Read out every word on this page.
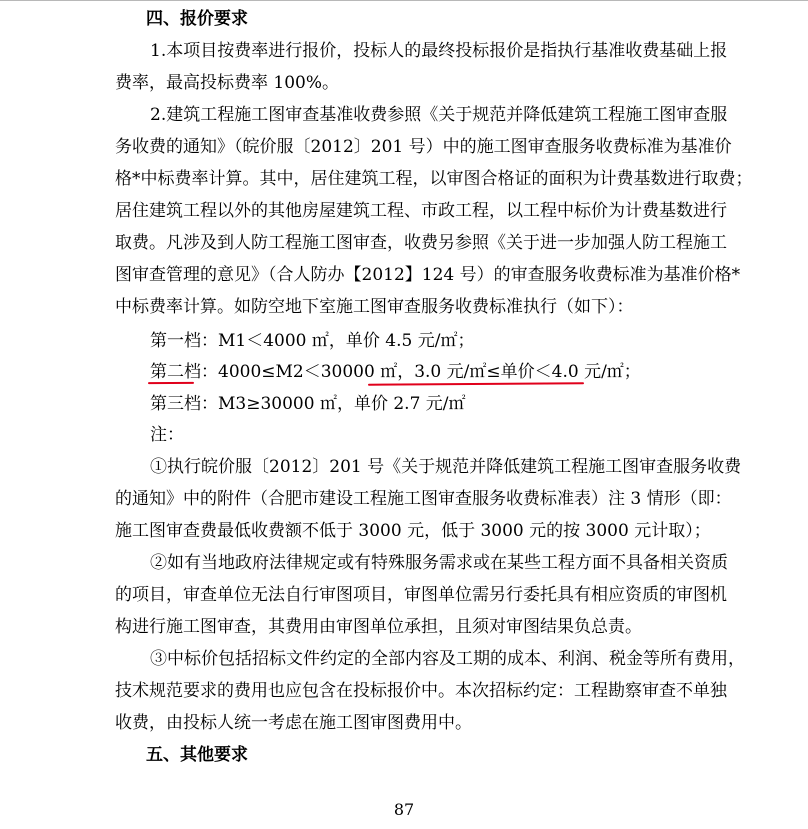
四、报价要求
1.本项目按费率进行报价，投标人的最终投标报价是指执行基准收费基础上报
费率，最高投标费率 100%。
2.建筑工程施工图审查基准收费参照《关于规范并降低建筑工程施工图审查服
务收费的通知》（皖价服〔2012〕201 号）中的施工图审查服务收费标准为基准价
格*中标费率计算。其中，居住建筑工程，以审图合格证的面积为计费基数进行取费；
居住建筑工程以外的其他房屋建筑工程、市政工程，以工程中标价为计费基数进行
取费。凡涉及到人防工程施工图审查，收费另参照《关于进一步加强人防工程施工
图审查管理的意见》（合人防办【2012】124 号）的审查服务收费标准为基准价格*
中标费率计算。如防空地下室施工图审查服务收费标准执行（如下）：
第一档：M1＜4000 ㎡，单价 4.5 元/㎡；
第二档：4000≤M2＜30000 ㎡，3.0 元/㎡≤单价＜4.0 元/㎡；
第三档：M3≥30000 ㎡，单价 2.7 元/㎡
注：
①执行皖价服〔2012〕201 号《关于规范并降低建筑工程施工图审查服务收费
的通知》中的附件（合肥市建设工程施工图审查服务收费标准表）注 3 情形（即：
施工图审查费最低收费额不低于 3000 元，低于 3000 元的按 3000 元计取）；
②如有当地政府法律规定或有特殊服务需求或在某些工程方面不具备相关资质
的项目，审查单位无法自行审图项目，审图单位需另行委托具有相应资质的审图机
构进行施工图审查，其费用由审图单位承担，且须对审图结果负总责。
③中标价包括招标文件约定的全部内容及工期的成本、利润、税金等所有费用，
技术规范要求的费用也应包含在投标报价中。本次招标约定：工程勘察审查不单独
收费，由投标人统一考虑在施工图审图费用中。
五、其他要求
87
